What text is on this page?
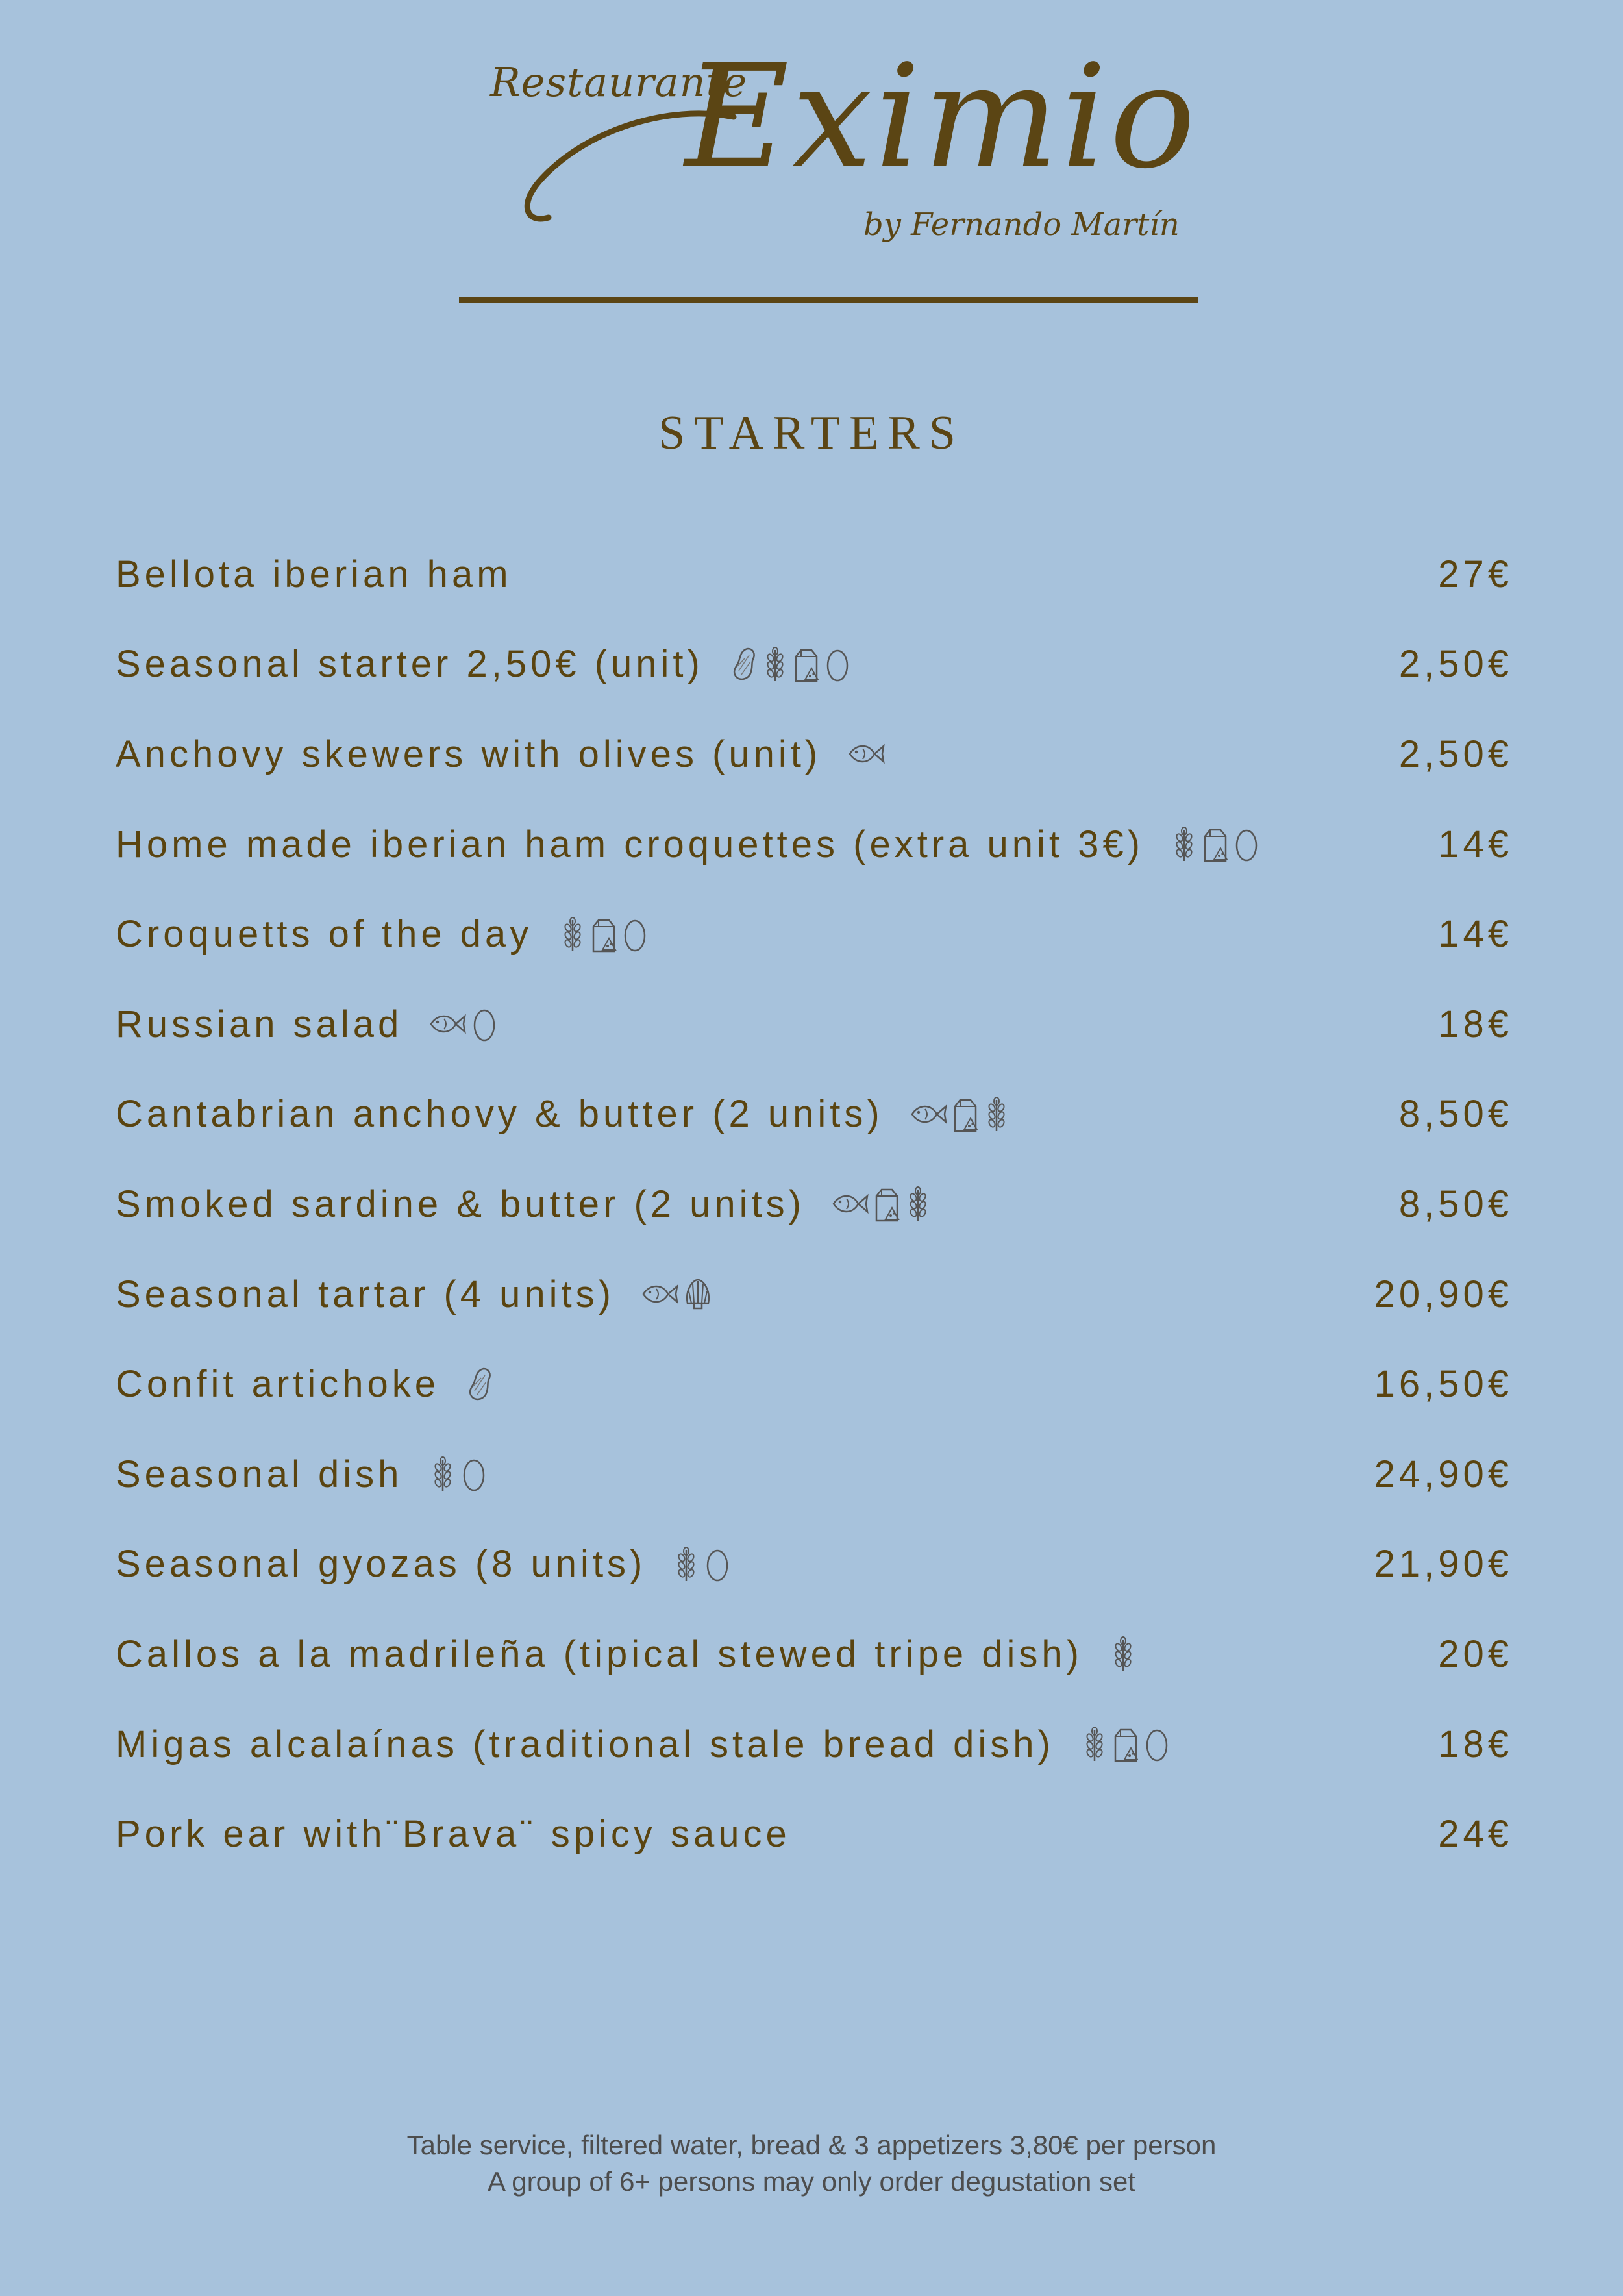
Restaurante
Eximio
by Fernando Martín
STARTERS
Bellota iberian ham	27€
Seasonal starter 2,50€ (unit)	2,50€
Anchovy skewers with olives (unit)	2,50€
Home made iberian ham croquettes (extra unit 3€)	14€
Croquetts of the day	14€
Russian salad	18€
Cantabrian anchovy & butter (2 units)	8,50€
Smoked sardine & butter (2 units)	8,50€
Seasonal tartar (4 units)	20,90€
Confit artichoke	16,50€
Seasonal dish	24,90€
Seasonal gyozas (8 units)	21,90€
Callos a la madrileña (tipical stewed tripe dish)	20€
Migas alcalaínas (traditional stale bread dish)	18€
Pork ear with¨Brava¨ spicy sauce	24€
Table service, filtered water, bread & 3 appetizers 3,80€ per person
A group of 6+ persons may only order degustation set
